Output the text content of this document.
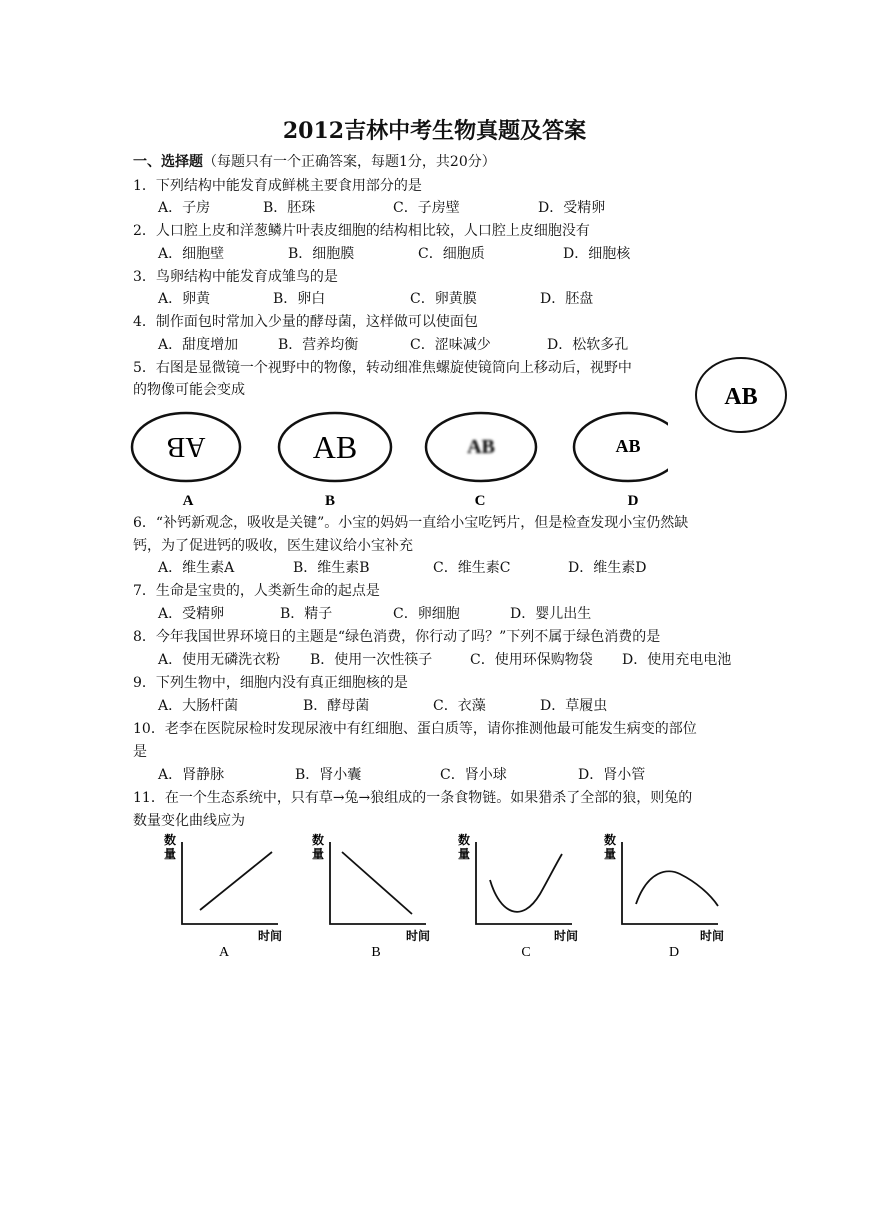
2012吉林中考生物真题及答案
一、选择题（每题只有一个正确答案，每题1分，共20分）
1．下列结构中能发育成鲜桃主要食用部分的是
A．子房	B．胚珠	C．子房壁	D．受精卵
2．人口腔上皮和洋葱鳞片叶表皮细胞的结构相比较，人口腔上皮细胞没有
A．细胞壁	B．细胞膜	C．细胞质	D．细胞核
3．鸟卵结构中能发育成雏鸟的是
A．卵黄	B．卵白	C．卵黄膜	D．胚盘
4．制作面包时常加入少量的酵母菌，这样做可以使面包
A．甜度增加	B．营养均衡	C．涩味减少	D．松软多孔
5．右图是显微镜一个视野中的物像，转动细准焦螺旋使镜筒向上移动后，视野中
的物像可能会变成	AB
AB	AB	AB	AB
A	B	C	D
6．“补钙新观念，吸收是关键”。小宝的妈妈一直给小宝吃钙片，但是检查发现小宝仍然缺
钙，为了促进钙的吸收，医生建议给小宝补充
A．维生素A	B．维生素B	C．维生素C	D．维生素D
7．生命是宝贵的，人类新生命的起点是
A．受精卵	B．精子	C．卵细胞	D．婴儿出生
8．今年我国世界环境日的主题是“绿色消费，你行动了吗？”下列不属于绿色消费的是
A．使用无磷洗衣粉 B．使用一次性筷子	C．使用环保购物袋 D．使用充电电池
9．下列生物中，细胞内没有真正细胞核的是
A．大肠杆菌	B．酵母菌	C．衣藻	D．草履虫
10．老李在医院尿检时发现尿液中有红细胞、蛋白质等，请你推测他最可能发生病变的部位
是
A．肾静脉	B．肾小囊	C．肾小球	D．肾小管
11．在一个生态系统中，只有草→兔→狼组成的一条食物链。如果猎杀了全部的狼，则兔的
数量变化曲线应为
数
量
时间
数
量
时间
数
量
时间
数
量
时间
A	B	C	D
